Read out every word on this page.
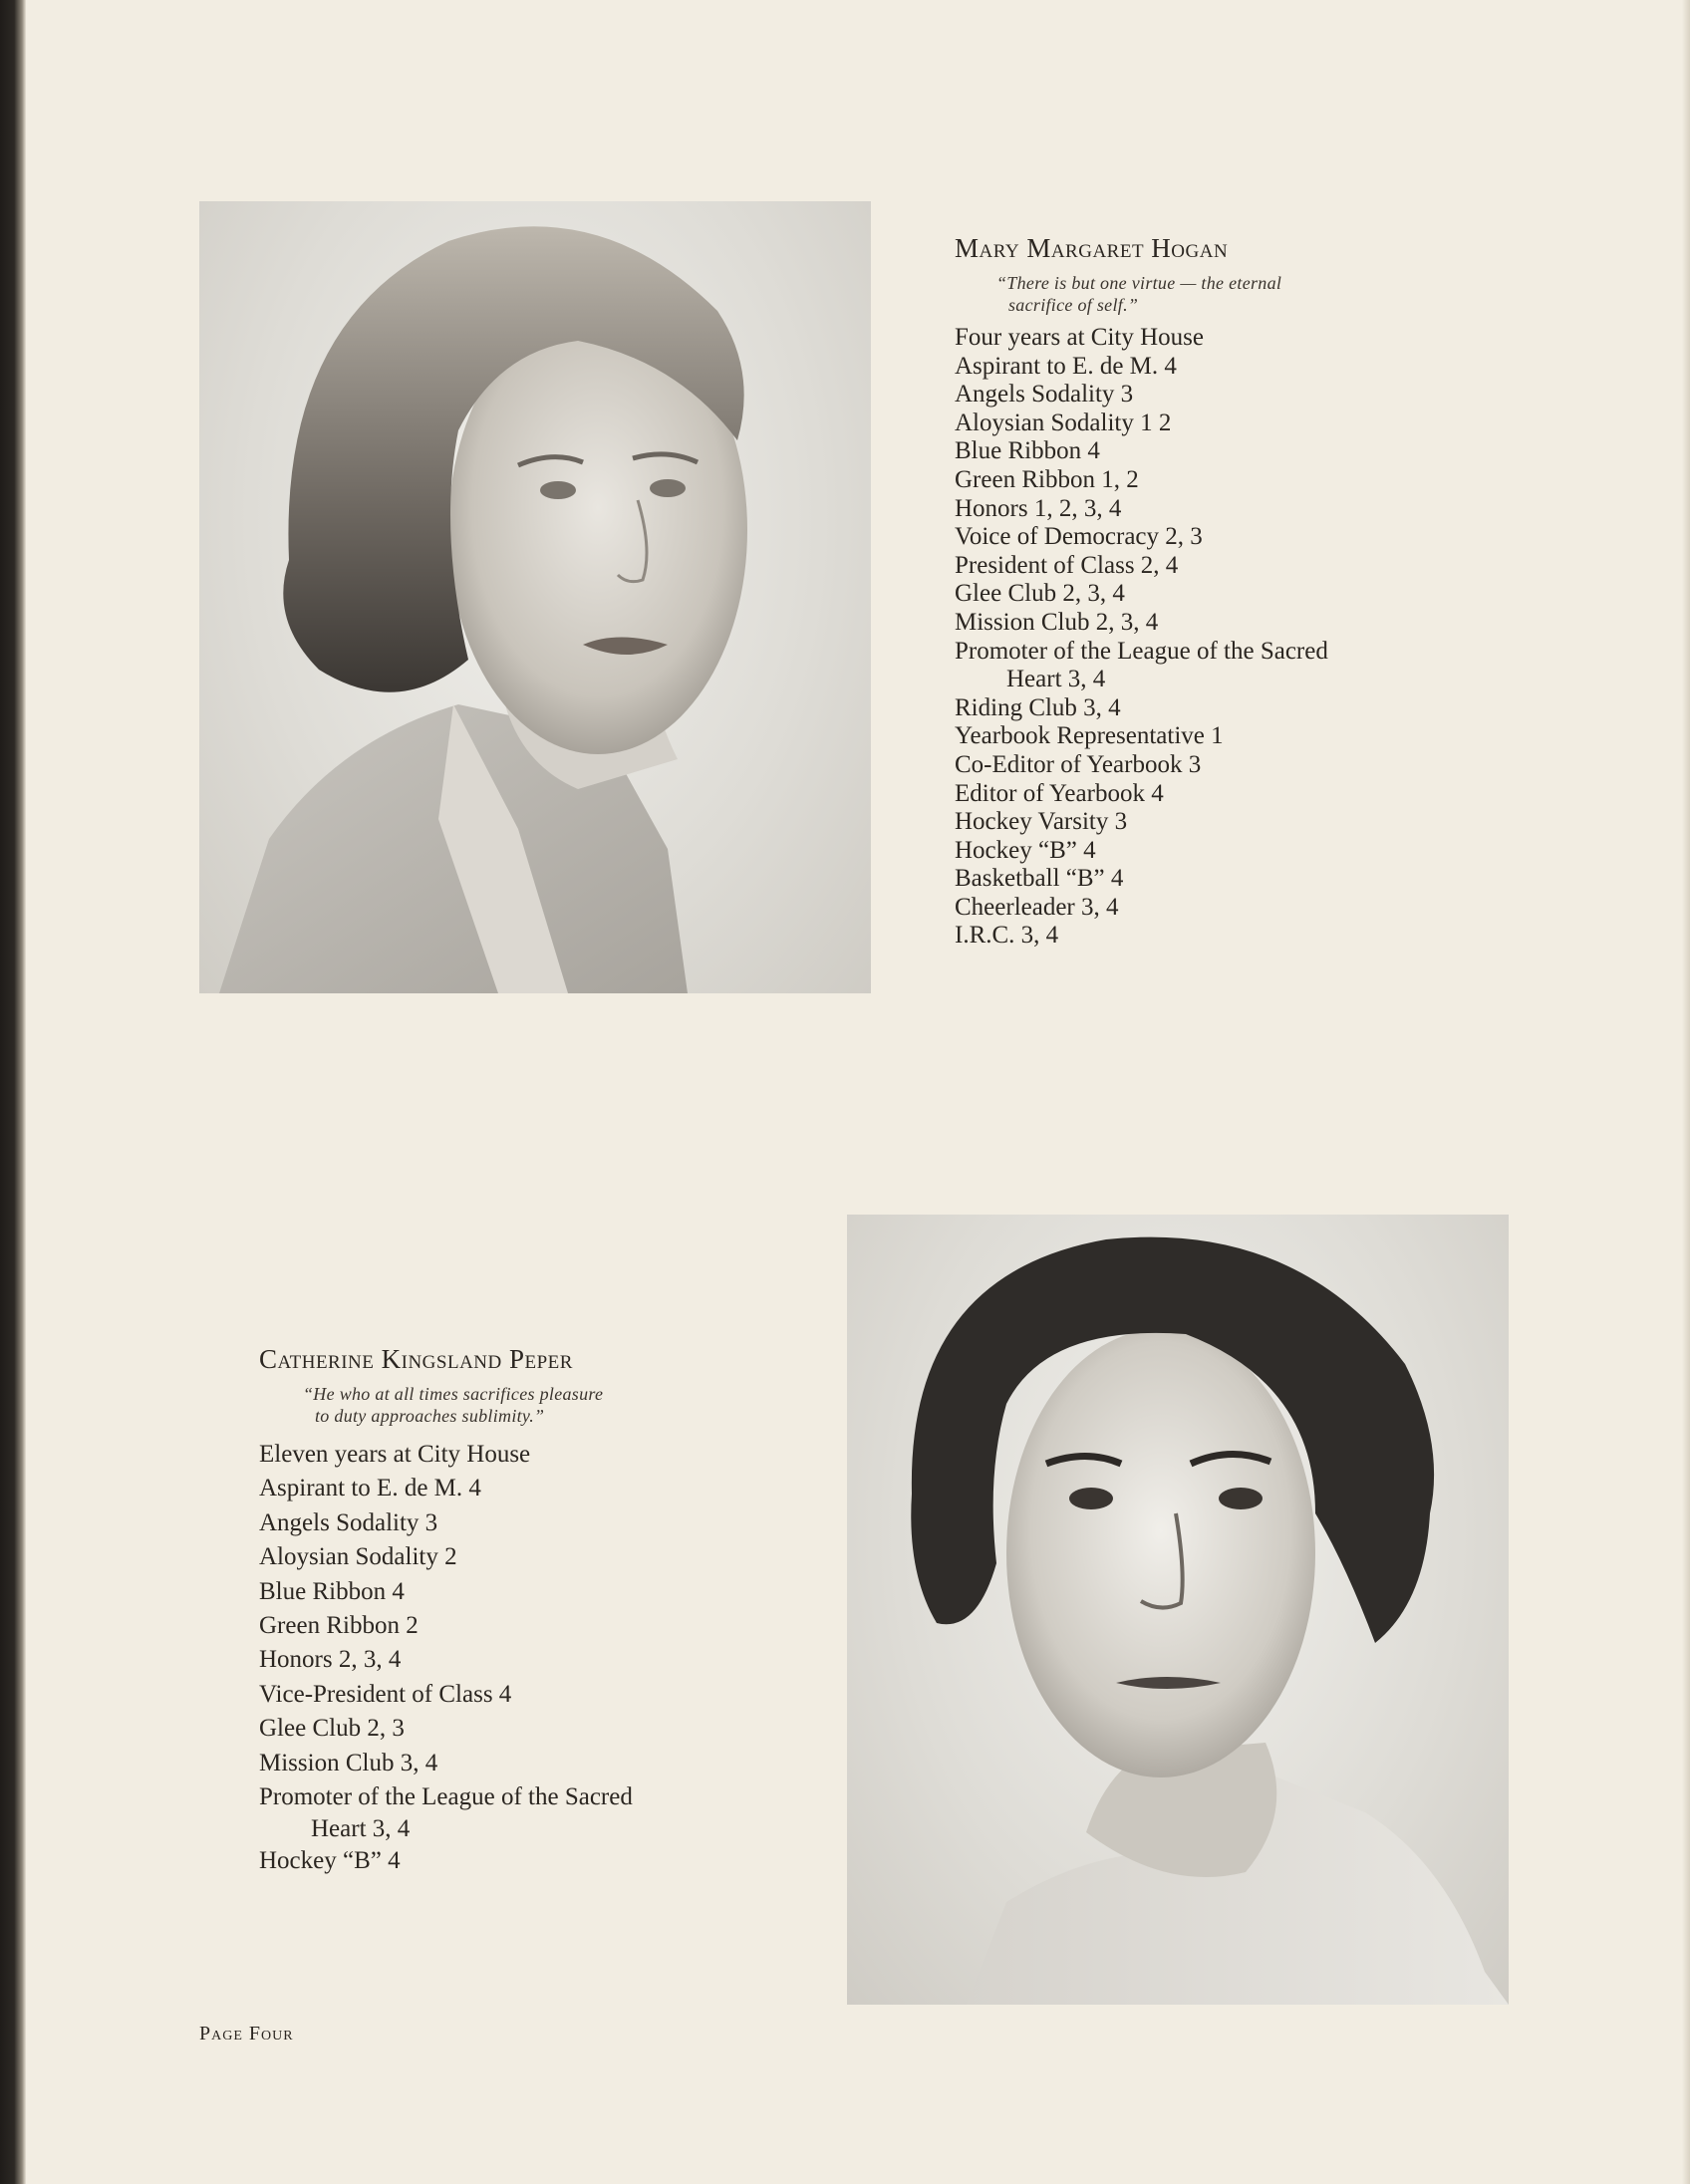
Mary Margaret Hogan

“There is but one virtue — the eternal
sacrifice of self.”

Four years at City House
Aspirant to E. de M. 4
Angels Sodality 3
Aloysian Sodality 1 2
Blue Ribbon 4
Green Ribbon 1, 2
Honors 1, 2, 3, 4
Voice of Democracy 2, 3
President of Class 2, 4
Glee Club 2, 3, 4
Mission Club 2, 3, 4
Promoter of the League of the Sacred
Heart 3, 4
Riding Club 3, 4
Yearbook Representative 1
Co-Editor of Yearbook 3
Editor of Yearbook 4
Hockey Varsity 3
Hockey “B” 4
Basketball “B” 4
Cheerleader 3, 4
I.R.C. 3, 4
Catherine Kingsland Peper

“He who at all times sacrifices pleasure
to duty approaches sublimity.”

Eleven years at City House
Aspirant to E. de M. 4
Angels Sodality 3
Aloysian Sodality 2
Blue Ribbon 4
Green Ribbon 2
Honors 2, 3, 4
Vice-President of Class 4
Glee Club 2, 3
Mission Club 3, 4
Promoter of the League of the Sacred
Heart 3, 4
Hockey “B” 4

Page Four
